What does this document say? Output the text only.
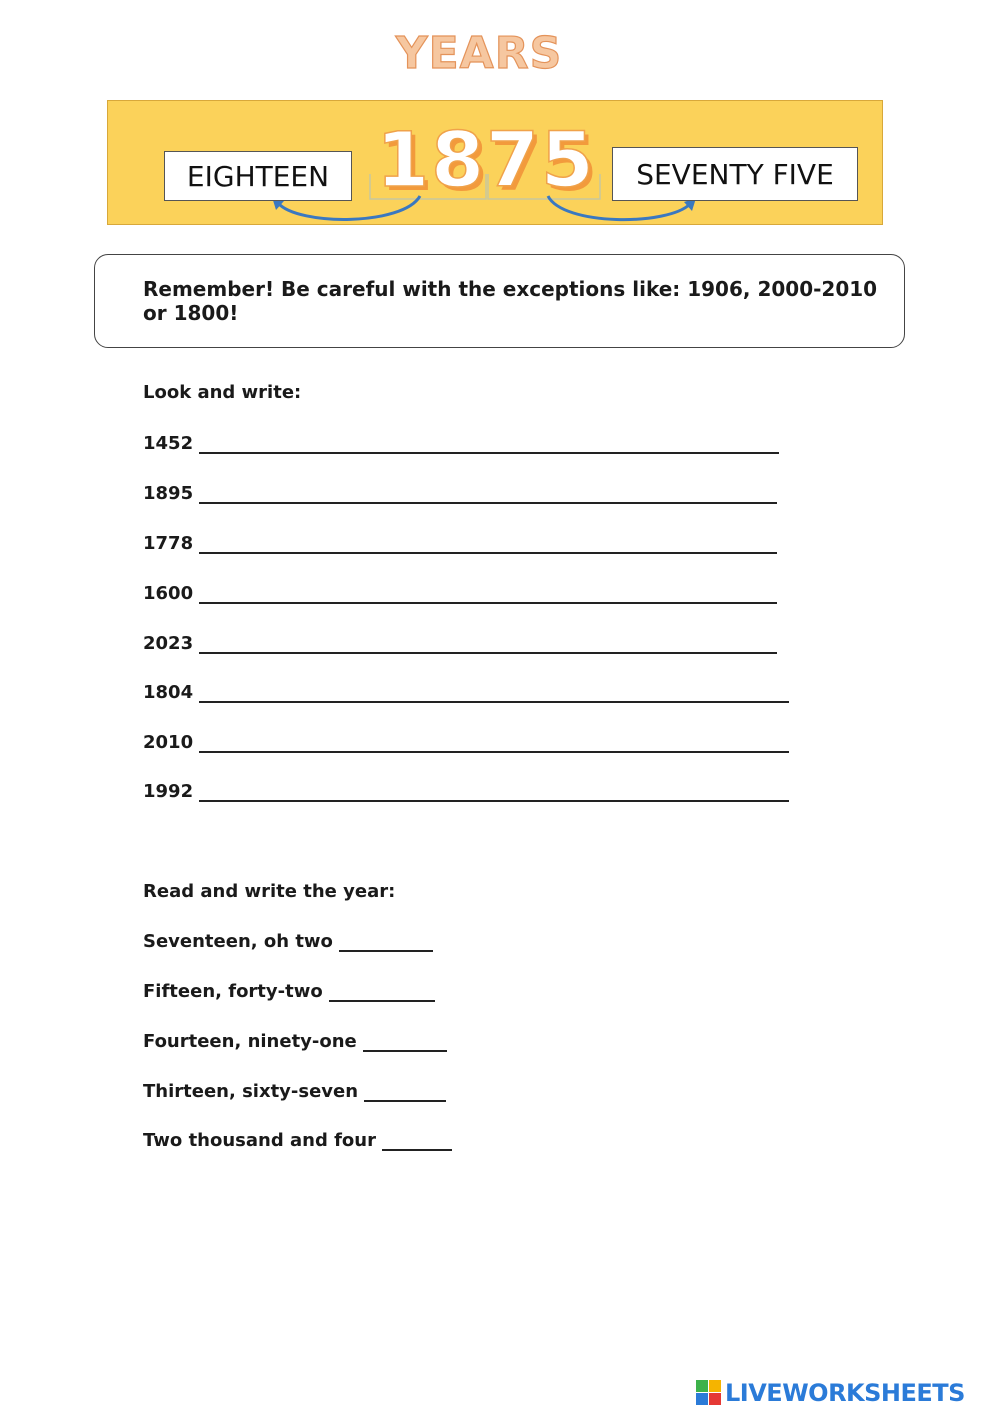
YEARS
EIGHTEEN 1875	SEVENTY FIVE
Remember! Be careful with the exceptions like: 1906, 2000-2010 or 1800!
Look and write:
1452
1895
1778
1600
2023
1804
2010
1992
Read and write the year:
Seventeen, oh two
Fifteen, forty-two
Fourteen, ninety-one
Thirteen, sixty-seven
Two thousand and four
LIVEWORKSHEETS
